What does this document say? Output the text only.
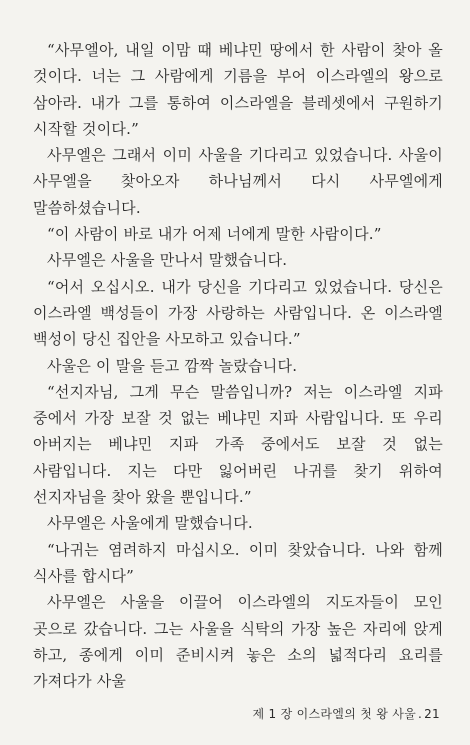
“사무엘아, 내일 이맘 때 베냐민 땅에서 한 사람이 찾아 올 것이다. 너는 그 사람에게 기름을 부어 이스라엘의 왕으로 삼아라. 내가 그를 통하여 이스라엘을 블레셋에서 구원하기 시작할 것이다.”

사무엘은 그래서 이미 사울을 기다리고 있었습니다. 사울이 사무엘을 찾아오자 하나님께서 다시 사무엘에게 말씀하셨습니다.

“이 사람이 바로 내가 어제 너에게 말한 사람이다.”

사무엘은 사울을 만나서 말했습니다.

“어서 오십시오. 내가 당신을 기다리고 있었습니다. 당신은 이스라엘 백성들이 가장 사랑하는 사람입니다. 온 이스라엘 백성이 당신 집안을 사모하고 있습니다.”

사울은 이 말을 듣고 깜짝 놀랐습니다.

“선지자님, 그게 무슨 말씀입니까? 저는 이스라엘 지파 중에서 가장 보잘 것 없는 베냐민 지파 사람입니다. 또 우리 아버지는 베냐민 지파 가족 중에서도 보잘 것 없는 사람입니다. 지는 다만 잃어버린 나귀를 찾기 위하여 선지자님을 찾아 왔을 뿐입니다.”

사무엘은 사울에게 말했습니다.

“나귀는 염려하지 마십시오. 이미 찾았습니다. 나와 함께 식사를 합시다”

사무엘은 사울을 이끌어 이스라엘의 지도자들이 모인 곳으로 갔습니다. 그는 사울을 식탁의 가장 높은 자리에 앉게 하고, 종에게 이미 준비시켜 놓은 소의 넓적다리 요리를 가져다가 사울

제 1 장 이스라엘의 첫 왕 사울 . 21
